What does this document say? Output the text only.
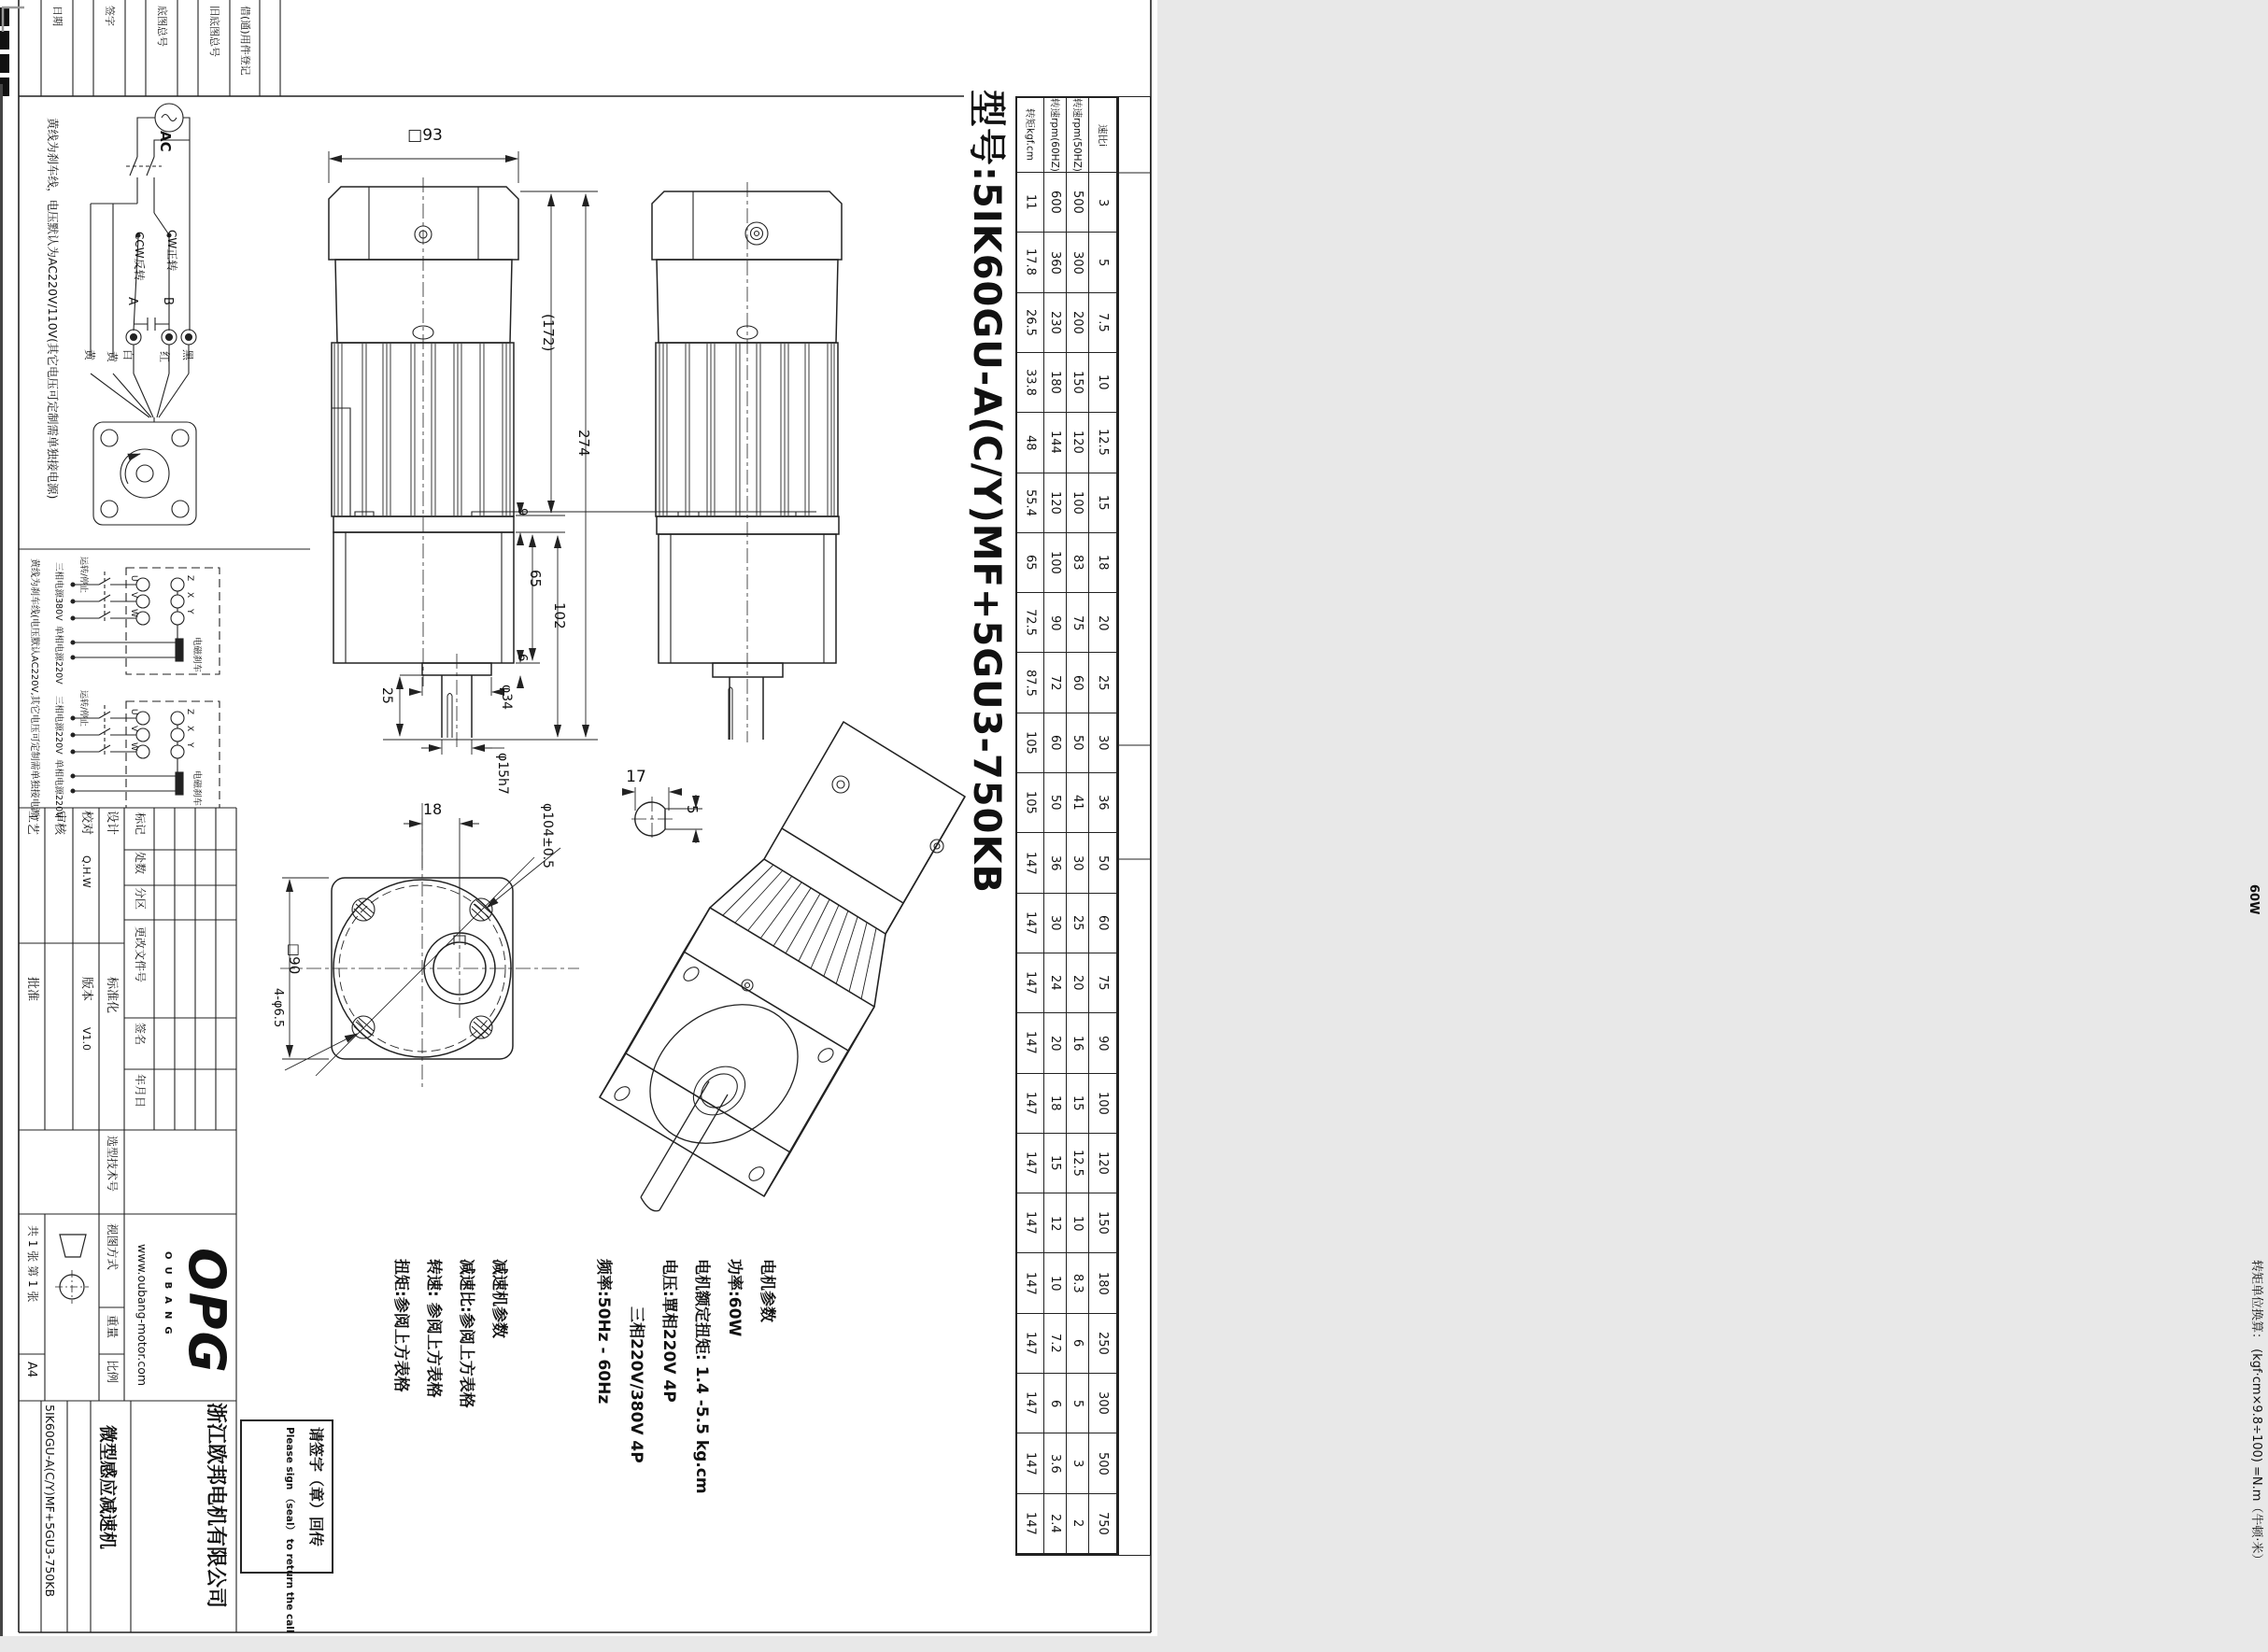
型号:5IK60GU-A(C/Y)MF+5GU3-750KB
日期	签字	底图总号	旧底图总号 借(通)用件登记
转矩kgf.cm 转速rpm(60HZ) 转速rpm(50HZ) 速比i
11 600 500 3
17.8 360 300 5
26.5 230 200 7.5
33.8 180 150 10
48 144 120 12.5
55.4 120 100 15
65 100 83 18
72.5 90 75 20
87.5 72 60 25
105 60 50 30
105 50 41 36
147 36 30 50
147 30 25 60
147 24 20 75
147 20 16 90
147 18 15 100
147 15 12.5 120
147 12 10 150
147 10 8.3 180
147 7.2 6 250
147 6 5 300
147 3.6 3 500
147 2.4 2 750
60W
转矩单位换算： (kgf·cm×9.8÷100) =N.m（牛顿·米）
□93
(172)
274
9
65
102
6
φ34
25
φ15h7
18
□90
φ104±0.5
4-φ6.5
17
5
AC
CW正转
CCW反转
A B
黄 黄 白 红 黑
黄线为刹车线，电压默认为AC220V/110V(其它电压可定制需单独接电源)
运转/停止
三相电源380V
单相电源220V
U
V
W
Z
X
Y
电磁刹车
运转/停止
三相电源220V
单相电源220V
U
V
W
Z
X
Y
电磁刹车
黄线为刹车线(电压默认AC220V,其它电压可定制需单独接电源)
电机参数
功率:60W
电机额定扭矩: 1.4 -5.5 kg.cm
电压:單相220V 4P
　　　三相220V/380V 4P
频率:50Hz - 60Hz
减速机参数
减速比:参阅上方表格
转速: 参阅上方表格
扭矩:参阅上方表格
设计
校对
Q.H.W
审核
工艺
标准化
版本
V1.0
批准
标记
处数
分区
更改文件号
签名
年月日
选型技术号
视图方式
重量
比例
共 1 张 第 1 张
A4
5IK60GU-A(C/Y)MF+5GU3-750KB 微型感应减速机	浙江欧邦电机有限公司
OPG
OUBANG
www.oubang-motor.com
请签字（章）回传
Please sign （seal） to return the call
